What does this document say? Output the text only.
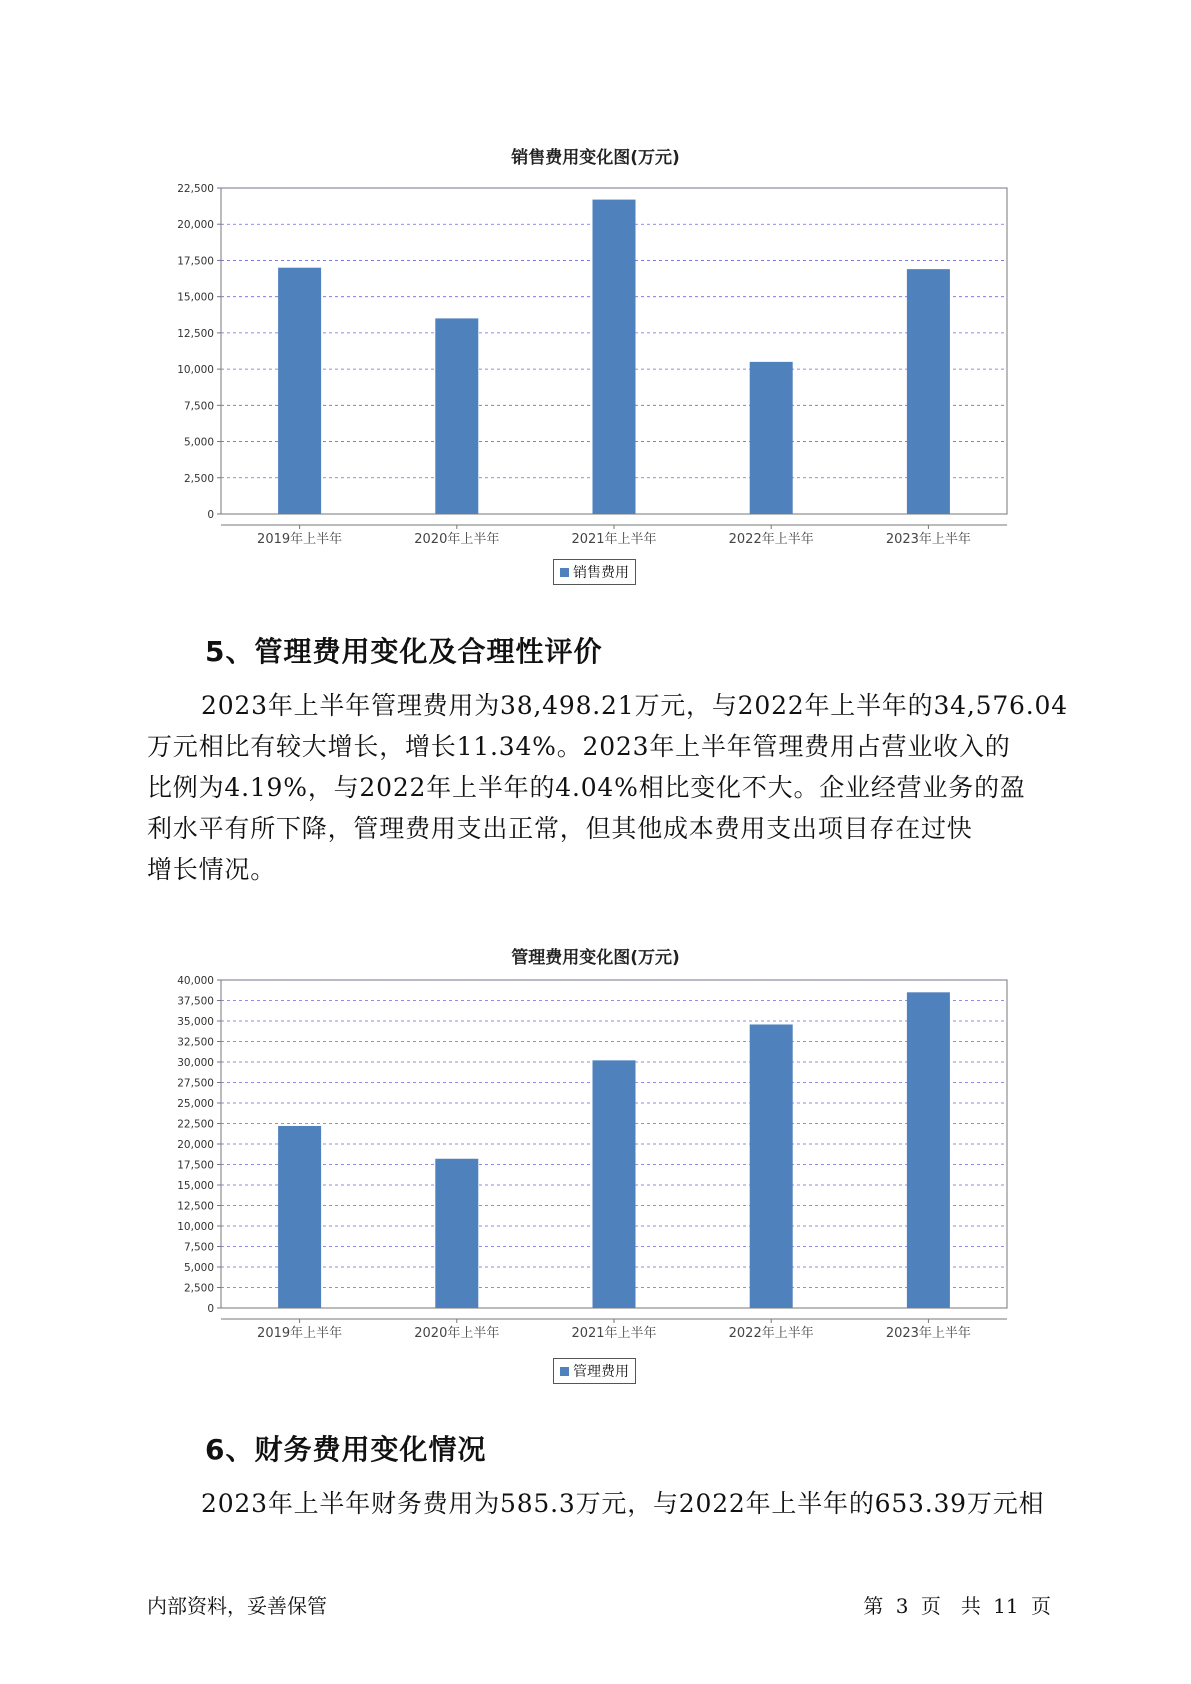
销售费用变化图(万元)
0
2,500
5,000
7,500
10,000
12,500
15,000
17,500
20,000
22,500
2019年上半年	2020年上半年	2021年上半年	2022年上半年	2023年上半年
销售费用
5、管理费用变化及合理性评价

2023年上半年管理费用为38,498.21万元，与2022年上半年的34,576.04

万元相比有较大增长，增长11.34%。2023年上半年管理费用占营业收入的

比例为4.19%，与2022年上半年的4.04%相比变化不大。企业经营业务的盈

利水平有所下降，管理费用支出正常，但其他成本费用支出项目存在过快

增长情况。

管理费用变化图(万元)
0
2,500
5,000
7,500
10,000
12,500
15,000
17,500
20,000
22,500
25,000
27,500
30,000
32,500
35,000
37,500
40,000
2019年上半年	2020年上半年	2021年上半年	2022年上半年	2023年上半年
管理费用
6、财务费用变化情况

2023年上半年财务费用为585.3万元，与2022年上半年的653.39万元相

内部资料，妥善保管	第 3 页　共 11 页
